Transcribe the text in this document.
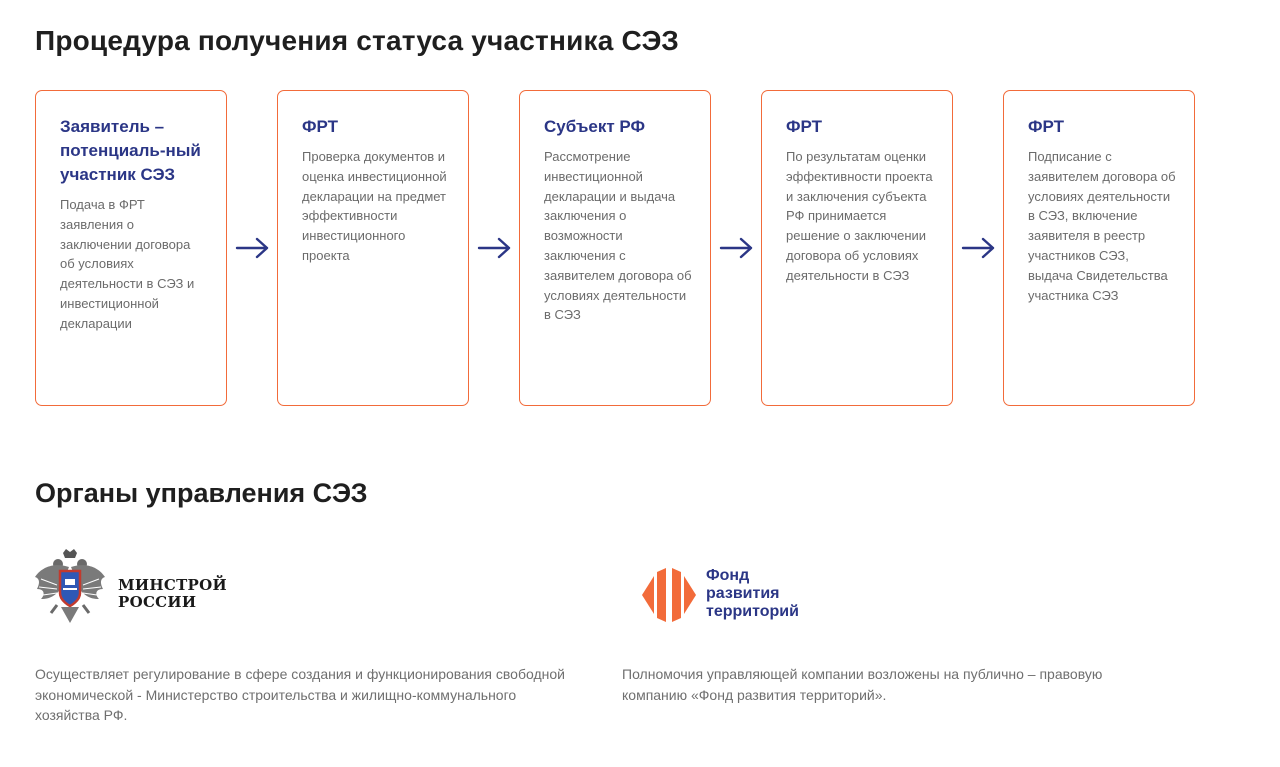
Процедура получения статуса участника СЭЗ

Заявитель – потенциаль-ный участник СЭЗ

Подача в ФРТ заявления о заключении договора об условиях деятельности в СЭЗ и инвестиционной декларации

ФРТ

Проверка документов и оценка инвестиционной декларации на предмет эффективности инвестиционного проекта

Субъект РФ

Рассмотрение инвестиционной декларации и выдача заключения о возможности заключения с заявителем договора об условиях деятельности в СЭЗ

ФРТ

По результатам оценки эффективности проекта и заключения субъекта РФ принимается решение о заключении договора об условиях деятельности в СЭЗ

ФРТ

Подписание с заявителем договора об условиях деятельности в СЭЗ, включение заявителя в реестр участников СЭЗ, выдача Свидетельства участника СЭЗ

Органы управления СЭЗ
МИНСТРОЙ
РОССИИ
Фонд
развития
территорий

Осуществляет регулирование в сфере создания и функционирования свободной экономической - Министерство строительства и жилищно-коммунального хозяйства РФ.

Полномочия управляющей компании возложены на публично – правовую компанию «Фонд развития территорий».
